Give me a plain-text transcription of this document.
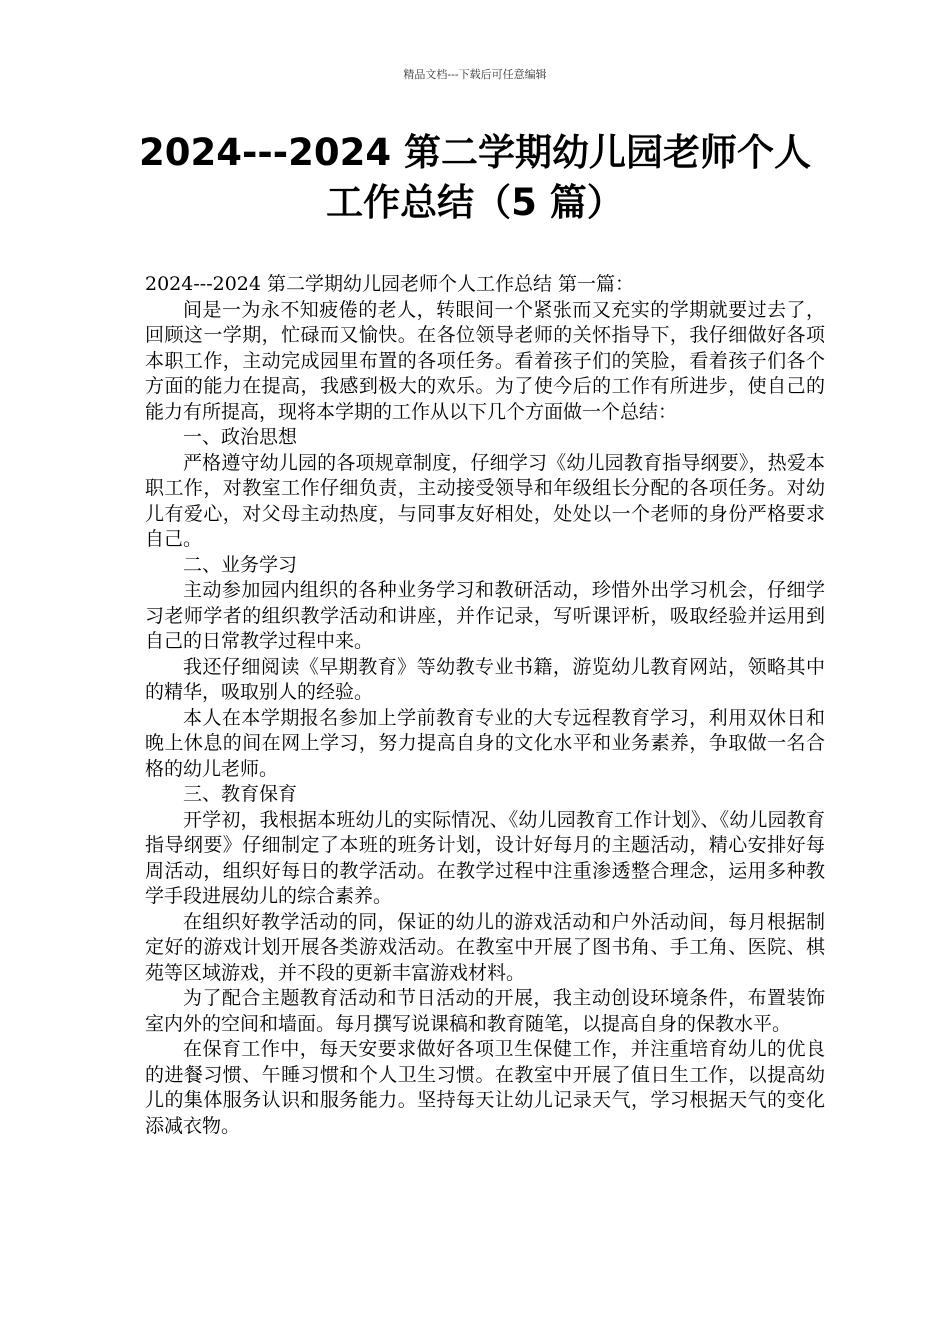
精品文档---下载后可任意编辑
2024---2024 第二学期幼儿园老师个人
工作总结（5 篇）

2024---2024 第二学期幼儿园老师个人工作总结 第一篇：

间是一为永不知疲倦的老人，转眼间一个紧张而又充实的学期就要过去了，回顾这一学期，忙碌而又愉快。在各位领导老师的关怀指导下，我仔细做好各项本职工作，主动完成园里布置的各项任务。看着孩子们的笑脸，看着孩子们各个方面的能力在提高，我感到极大的欢乐。为了使今后的工作有所进步，使自己的能力有所提高，现将本学期的工作从以下几个方面做一个总结：

一、政治思想

严格遵守幼儿园的各项规章制度，仔细学习《幼儿园教育指导纲要》，热爱本职工作，对教室工作仔细负责，主动接受领导和年级组长分配的各项任务。对幼儿有爱心，对父母主动热度，与同事友好相处，处处以一个老师的身份严格要求自己。

二、业务学习

主动参加园内组织的各种业务学习和教研活动，珍惜外出学习机会，仔细学习老师学者的组织教学活动和讲座，并作记录，写听课评析，吸取经验并运用到自己的日常教学过程中来。

我还仔细阅读《早期教育》等幼教专业书籍，游览幼儿教育网站，领略其中的精华，吸取别人的经验。

本人在本学期报名参加上学前教育专业的大专远程教育学习，利用双休日和晚上休息的间在网上学习，努力提高自身的文化水平和业务素养，争取做一名合格的幼儿老师。

三、教育保育

开学初，我根据本班幼儿的实际情况、《幼儿园教育工作计划》、《幼儿园教育指导纲要》仔细制定了本班的班务计划，设计好每月的主题活动，精心安排好每周活动，组织好每日的教学活动。在教学过程中注重渗透整合理念，运用多种教学手段进展幼儿的综合素养。

在组织好教学活动的同，保证的幼儿的游戏活动和户外活动间，每月根据制定好的游戏计划开展各类游戏活动。在教室中开展了图书角、手工角、医院、棋苑等区域游戏，并不段的更新丰富游戏材料。

为了配合主题教育活动和节日活动的开展，我主动创设环境条件，布置装饰室内外的空间和墙面。每月撰写说课稿和教育随笔，以提高自身的保教水平。

在保育工作中，每天安要求做好各项卫生保健工作，并注重培育幼儿的优良的进餐习惯、午睡习惯和个人卫生习惯。在教室中开展了值日生工作，以提高幼儿的集体服务认识和服务能力。坚持每天让幼儿记录天气，学习根据天气的变化添减衣物。
